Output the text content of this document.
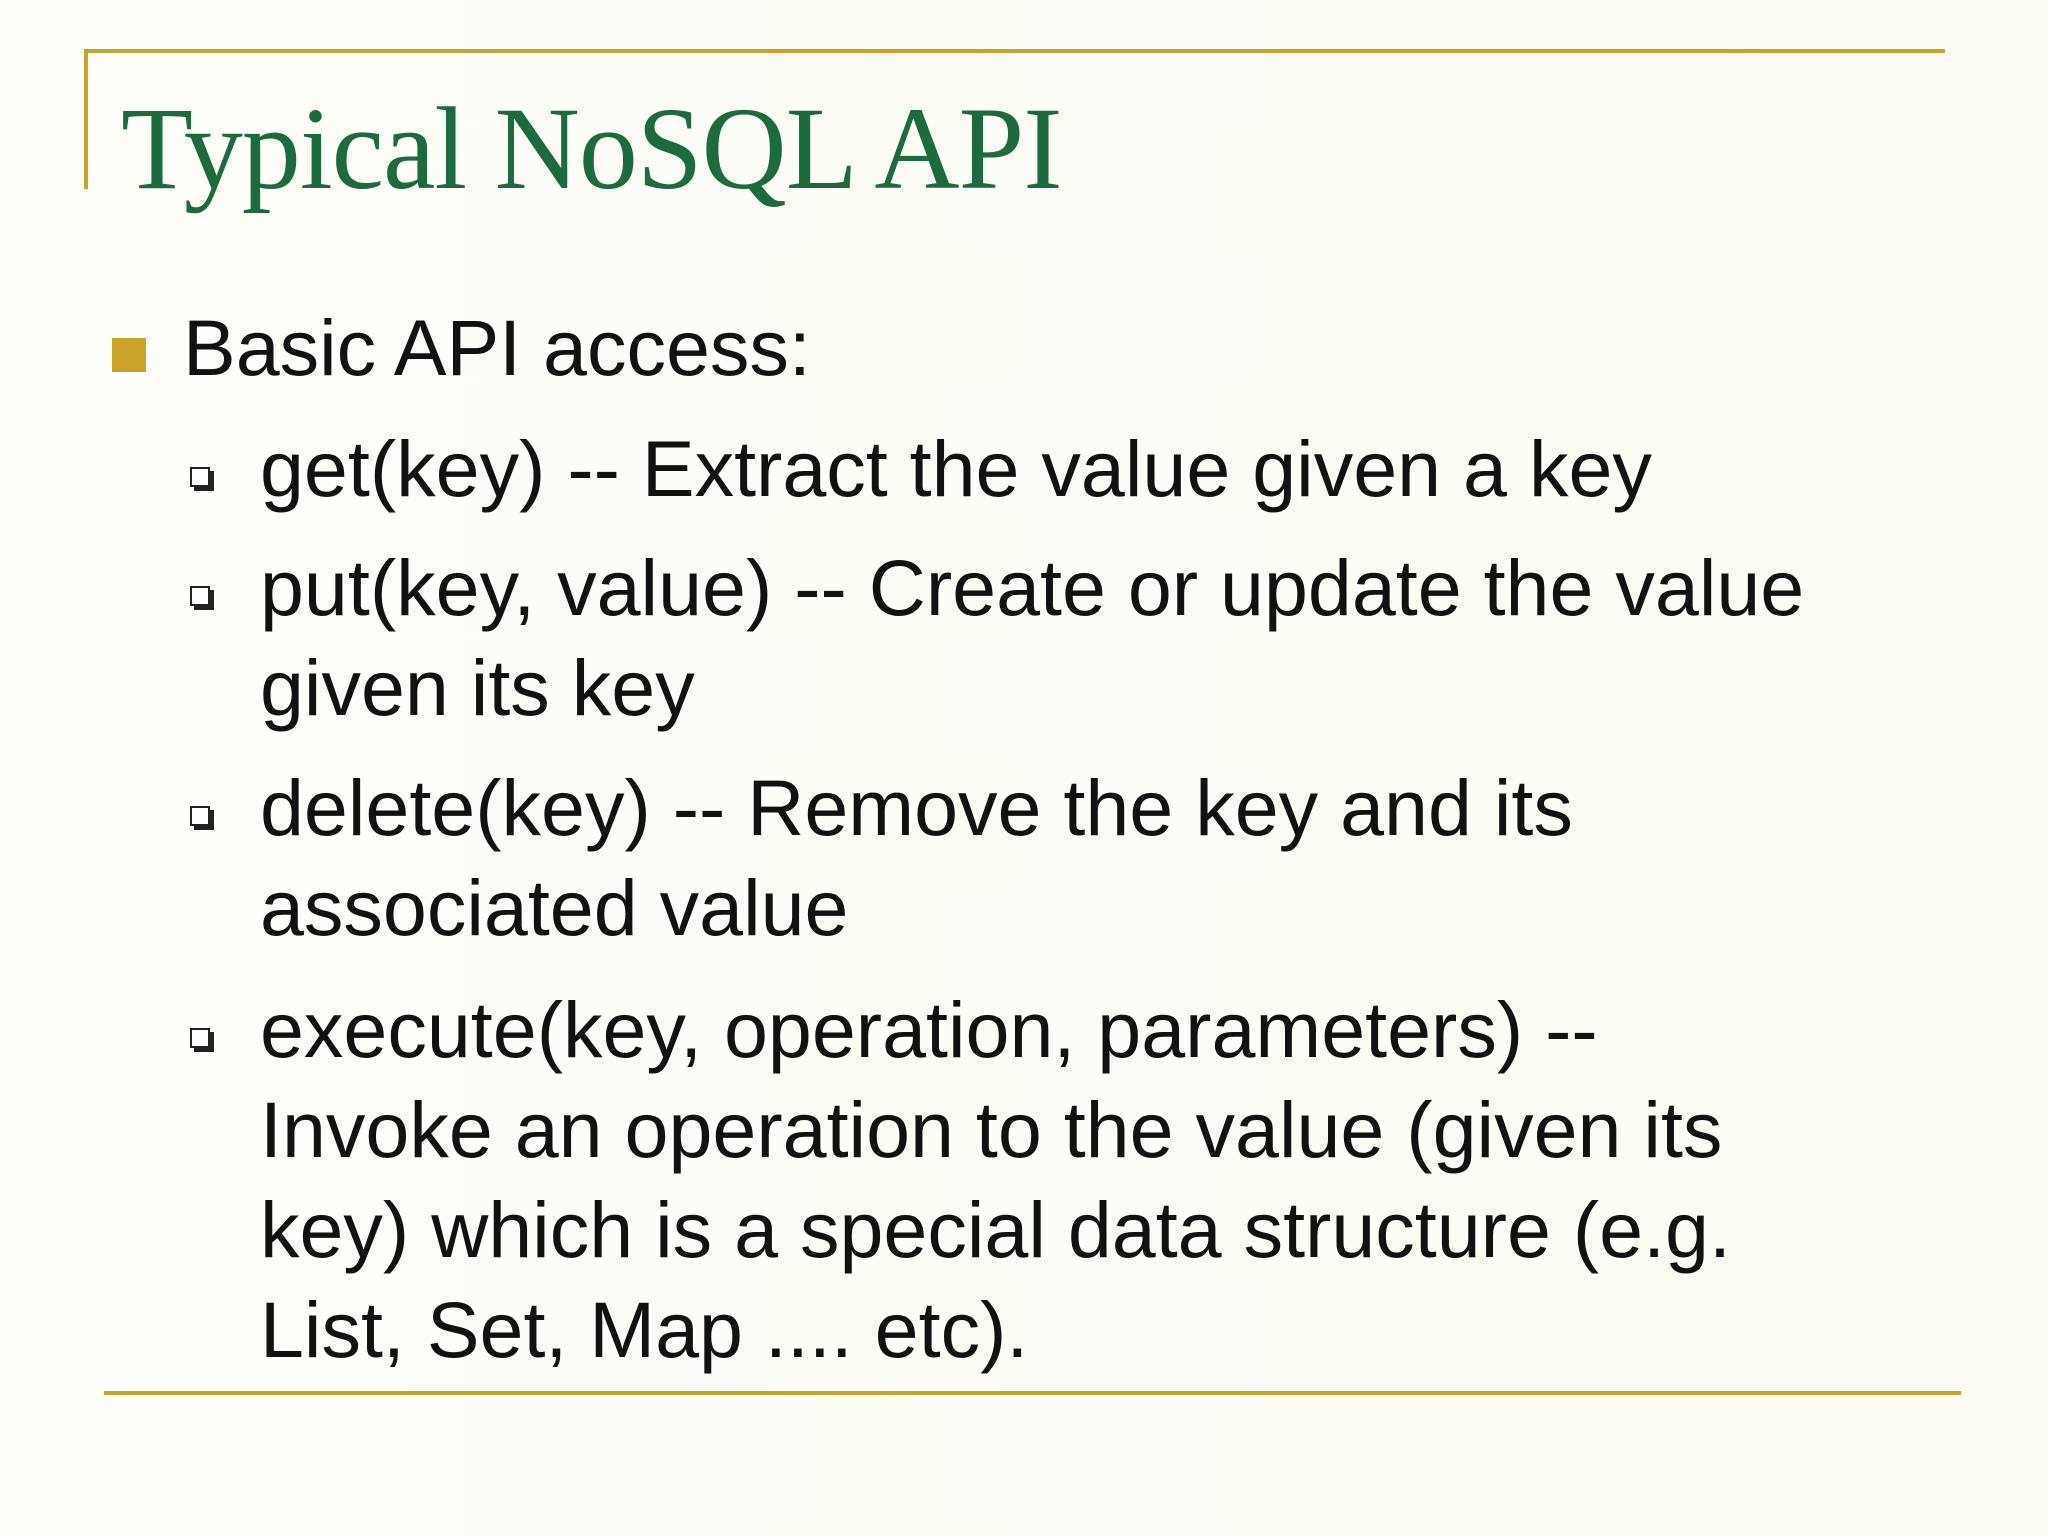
Typical NoSQL API
Basic API access:
get(key) -- Extract the value given a key
put(key, value) -- Create or update the value
given its key
delete(key) -- Remove the key and its
associated value
execute(key, operation, parameters) --
Invoke an operation to the value (given its
key) which is a special data structure (e.g.
List, Set, Map .... etc).
